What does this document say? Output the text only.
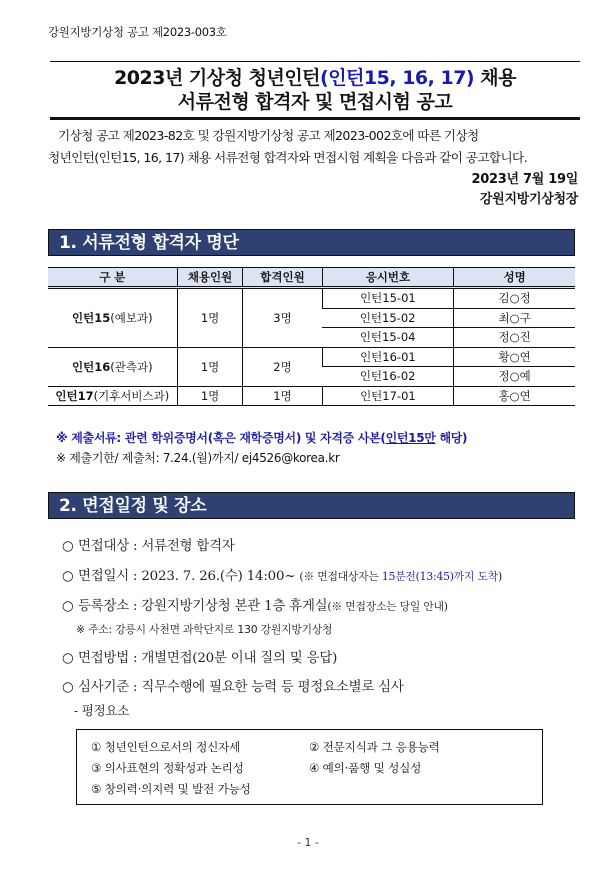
강원지방기상청 공고 제2023-003호
2023년 기상청 청년인턴(인턴15, 16, 17) 채용
서류전형 합격자 및 면접시험 공고

기상청 공고 제2023-82호 및 강원지방기상청 공고 제2023-002호에 따른 기상청

청년인턴(인턴15, 16, 17) 채용 서류전형 합격자와 면접시험 계획을 다음과 같이 공고합니다.

2023년 7월 19일
강원지방기상청장
1. 서류전형 합격자 명단
구 분	채용인원	합격인원	응시번호	성명
인턴15(예보과)	1명	3명	인턴15-01	김○정
			인턴15-02	최○구
			인턴15-04	정○진
인턴16(관측과)	1명	2명	인턴16-01	황○연
			인턴16-02	정○예
인턴17(기후서비스과)	1명	1명	인턴17-01	홍○연
※ 제출서류: 관련 학위증명서(혹은 재학증명서) 및 자격증 사본(인턴15만 해당)
※ 제출기한/ 제출처: 7.24.(월)까지/ ej4526@korea.kr
2. 면접일정 및 장소
○ 면접대상 : 서류전형 합격자
○ 면접일시 : 2023. 7. 26.(수) 14:00~ (※ 면접대상자는 15분전(13:45)까지 도착)
○ 등록장소 : 강원지방기상청 본관 1층 휴게실(※ 면접장소는 당일 안내)
※ 주소: 강릉시 사천면 과학단지로 130 강원지방기상청
○ 면접방법 : 개별면접(20분 이내 질의 및 응답)
○ 심사기준 : 직무수행에 필요한 능력 등 평정요소별로 심사
- 평정요소
① 청년인턴으로서의 정신자세	② 전문지식과 그 응용능력
③ 의사표현의 정확성과 논리성	④ 예의·품행 및 성실성
⑤ 창의력·의지력 및 발전 가능성
- 1 -
